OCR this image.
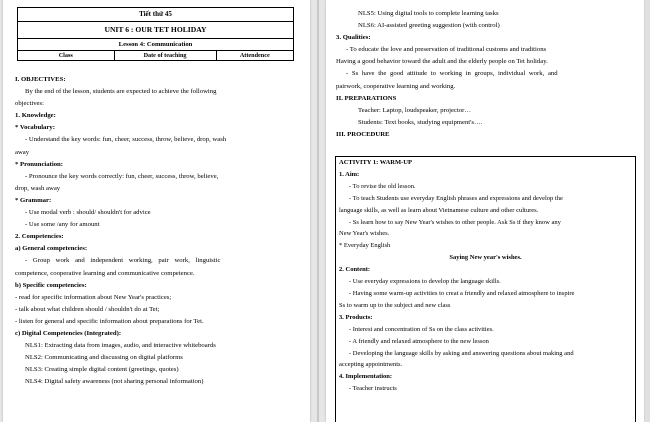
Tiết thứ 45
UNIT 6 : OUR TET HOLIDAY
Lesson 4: Communication
Class	Date of teaching	Attendence
I. OBJECTIVES:
By the end of the lesson, students are expected to achieve the following
objectives:
1. Knowledge:
* Vocabulary:
- Understand the key words: fun, cheer, success, throw, believe, drop, wash
away
* Pronunciation:
- Pronounce the key words correctly: fun, cheer, success, throw, believe,
drop, wash away
* Grammar:
- Use modal verb : should/ shouldn't for advice
- Use some /any for amount
2. Competencies:
a) General competencies:
- Group work and independent working, pair work, linguistic
competence, cooperative learning and communicative competence.
b) Specific competencies:
- read for specific information about New Year's practices;
- talk about what children should / shouldn't do at Tet;
- listen for general and specific information about preparations for Tet.
c) Digital Competencies (Integrated):
NLS1: Extracting data from images, audio, and interactive whiteboards
NLS2: Communicating and discussing on digital platforms
NLS3: Creating simple digital content (greetings, quotes)
NLS4: Digital safety awareness (not sharing personal information)
NLS5: Using digital tools to complete learning tasks
NLS6: AI-assisted greeting suggestion (with control)
3. Qualities:
- To educate the love and preservation of traditional customs and traditions
Having a good behavior toward the adult and the elderly people on Tet holiday.
- Ss have the good attitude to working in groups, individual work, and
pairwork, cooperative learning and working.
II. PREPARATIONS
Teacher: Laptop, loudspeaker, projector…
Students: Text books, studying equipment's….
III. PROCEDURE
ACTIVITY 1: WARM-UP
1. Aim:
- To revise the old lesson.
- To teach Students use everyday English phrases and expressions and develop the
language skills, as well as learn about Vietnamese culture and other cultures.
- Ss learn how to say New Year's wishes to other people. Ask Ss if they know any
New Year's wishes.
* Everyday English
Saying New year's wishes.
2. Content:
- Use everyday expressions to develop the language skills.
- Having some warm-up activities to creat a friendly and relaxed atmosphere to inspire
Ss to warm up to the subject and new class
3. Products:
- Interest and concentration of Ss on the class activities.
- A friendly and relaxed atmosphere to the new lesson
- Developing the language skills by asking and answering questions about making and
accepting appointments.
4. Implementation:
- Teacher instructs
